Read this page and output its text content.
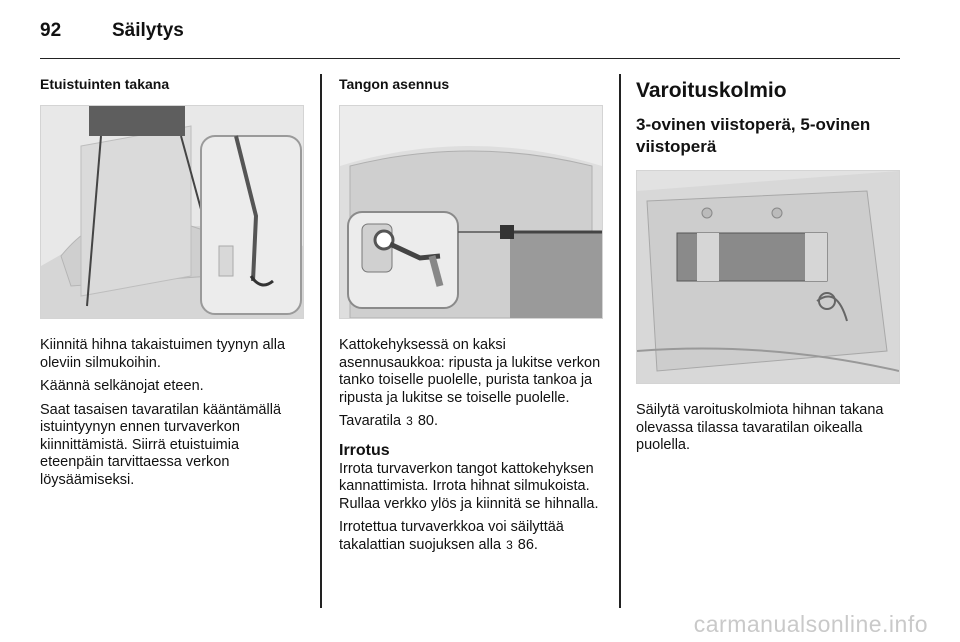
92	Säilytys
Etuistuinten takana

Kiinnitä hihna takaistuimen tyynyn alla oleviin silmukoihin.

Käännä selkänojat eteen.

Saat tasaisen tavaratilan kääntämällä istuintyynyn ennen turvaverkon kiinnittämistä. Siirrä etuistuimia eteenpäin tarvittaessa verkon löysäämiseksi.

Tangon asennus

Kattokehyksessä on kaksi asennusaukkoa: ripusta ja lukitse verkon tanko toiselle puolelle, purista tankoa ja ripusta ja lukitse se toiselle puolelle.

Tavaratila 3 80.

Irrotus

Irrota turvaverkon tangot kattokehyksen kannattimista. Irrota hihnat silmukoista. Rullaa verkko ylös ja kiinnitä se hihnalla.

Irrotettua turvaverkkoa voi säilyttää takalattian suojuksen alla 3 86.

Varoituskolmio
3-ovinen viistoperä, 5-ovinen viistoperä

Säilytä varoituskolmiota hihnan takana olevassa tilassa tavaratilan oikealla puolella.

carmanualsonline.info
